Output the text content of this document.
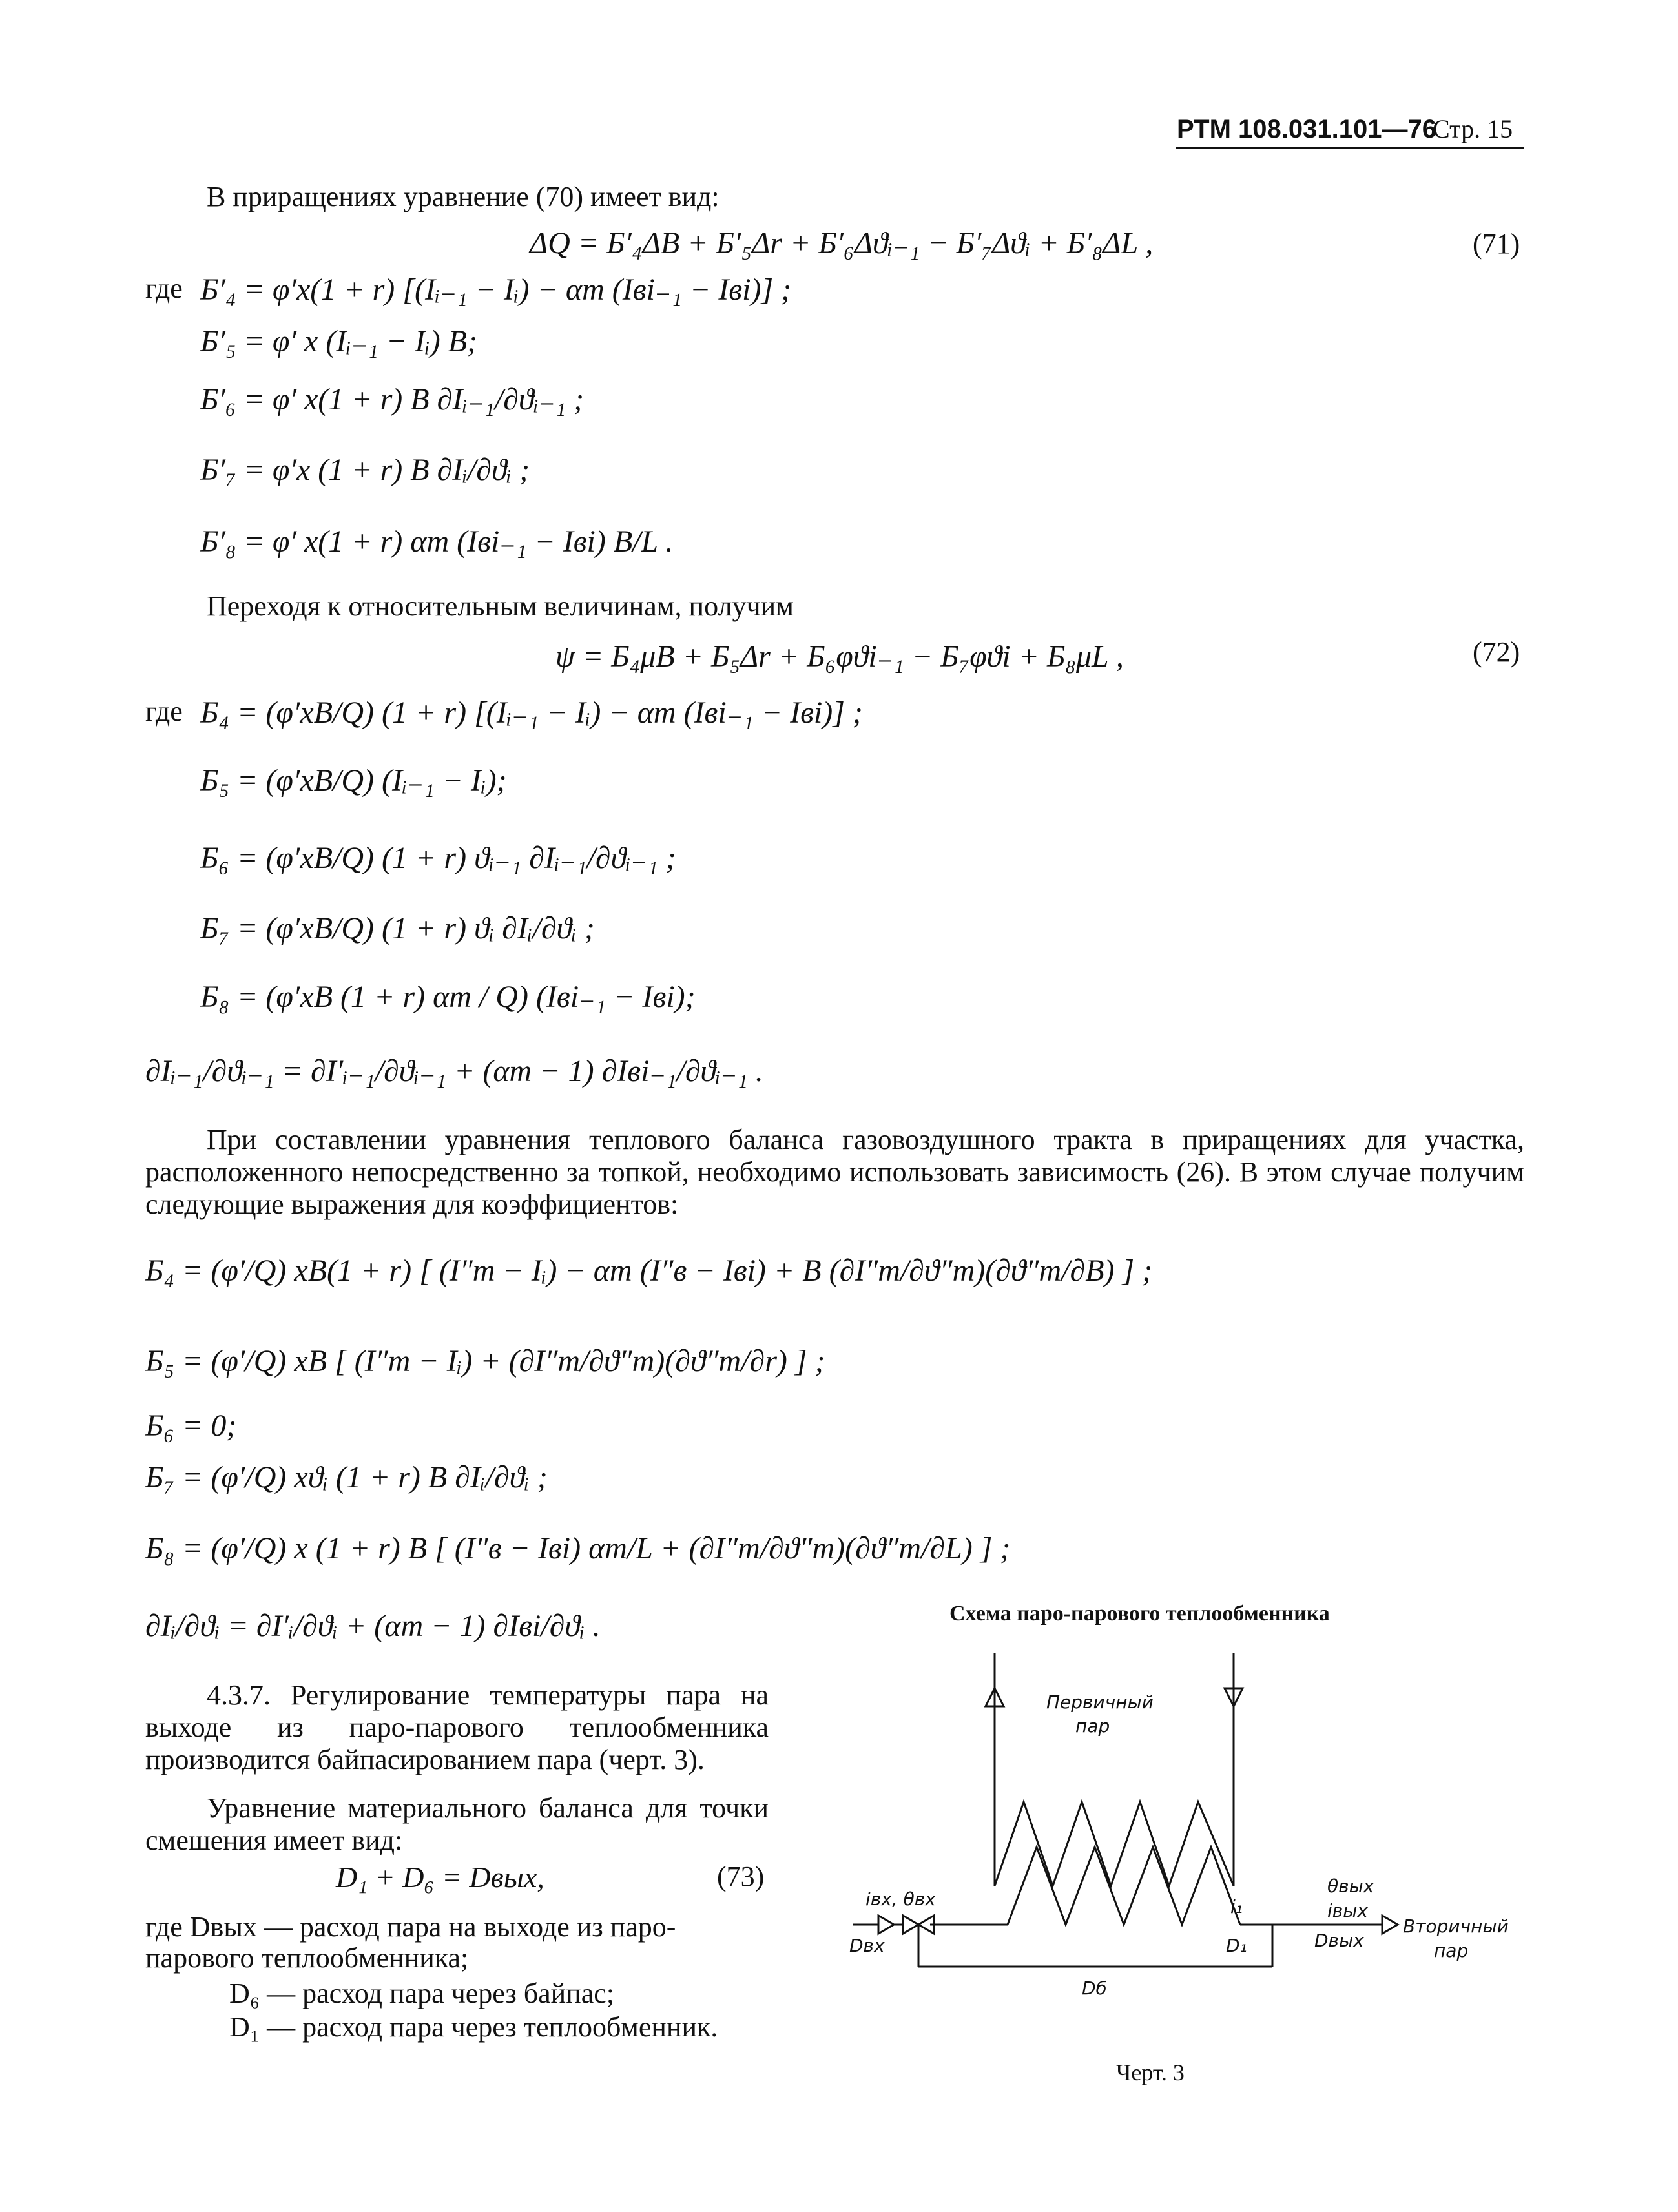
РТМ 108.031.101—76
Стр. 15
В приращениях уравнение (70) имеет вид:
ΔQ = Б′₄ΔB + Б′₅Δr + Б′₆Δϑᵢ₋₁ − Б′₇Δϑᵢ + Б′₈ΔL ,	(71)
где Б′₄ = φ′x(1 + r) [(Iᵢ₋₁ − Iᵢ) − αт (Iвi₋₁ − Iвi)] ;
Б′₅ = φ′ x (Iᵢ₋₁ − Iᵢ) B;
Б′₆ = φ′ x(1 + r) B ∂Iᵢ₋₁/∂ϑᵢ₋₁ ;
Б′₇ = φ′x (1 + r) B ∂Iᵢ/∂ϑᵢ ;
Б′₈ = φ′ x(1 + r) αт (Iвi₋₁ − Iвi) B/L .
Переходя к относительным величинам, получим
ψ = Б₄μB + Б₅Δr + Б₆φϑi₋₁ − Б₇φϑi + Б₈μL ,	(72)
где Б₄ = (φ′xB/Q) (1 + r) [(Iᵢ₋₁ − Iᵢ) − αт (Iвi₋₁ − Iвi)] ;
Б₅ = (φ′xB/Q) (Iᵢ₋₁ − Iᵢ);
Б₆ = (φ′xB/Q) (1 + r) ϑᵢ₋₁ ∂Iᵢ₋₁/∂ϑᵢ₋₁ ;
Б₇ = (φ′xB/Q) (1 + r) ϑᵢ ∂Iᵢ/∂ϑᵢ ;
Б₈ = (φ′xB (1 + r) αт / Q) (Iвi₋₁ − Iвi);
∂Iᵢ₋₁/∂ϑᵢ₋₁ = ∂I′ᵢ₋₁/∂ϑᵢ₋₁ + (αт − 1) ∂Iвi₋₁/∂ϑᵢ₋₁ .
При составлении уравнения теплового баланса газовоздушного тракта в приращениях для участка, расположенного непосредственно за топкой, необходимо использовать зависимость (26). В этом случае получим следующие выражения для коэффициентов:
Б₄ = (φ′/Q) xB(1 + r) [ (I″т − Iᵢ) − αт (I″в − Iвi) + B (∂I″т/∂ϑ″т)(∂ϑ″т/∂B) ] ;
Б₅ = (φ′/Q) xB [ (I″т − Iᵢ) + (∂I″т/∂ϑ″т)(∂ϑ″т/∂r) ] ;
Б₆ = 0;
Б₇ = (φ′/Q) xϑᵢ (1 + r) B ∂Iᵢ/∂ϑᵢ ;
Б₈ = (φ′/Q) x (1 + r) B [ (I″в − Iвi) αт/L + (∂I″т/∂ϑ″т)(∂ϑ″т/∂L) ] ;
∂Iᵢ/∂ϑᵢ = ∂I′ᵢ/∂ϑᵢ + (αт − 1) ∂Iвi/∂ϑᵢ .
4.3.7. Регулирование температуры пара на выходе из паро-парового теплообменника производится байпасированием пара (черт. 3).
Уравнение материального баланса для точки смешения имеет вид:
D₁ + D₆ = Dвых,	(73)
где Dвых — расход пара на выходе из паро-парового теплообменника;
D₆ — расход пара через байпас;
D₁ — расход пара через теплообменник.
Схема паро-парового теплообменника
Первичный
пар
iвх, θвх
Dвх
i₁
D₁
Dб
θвых
iвых
Dвых
Вторичный
пар
Черт. 3
